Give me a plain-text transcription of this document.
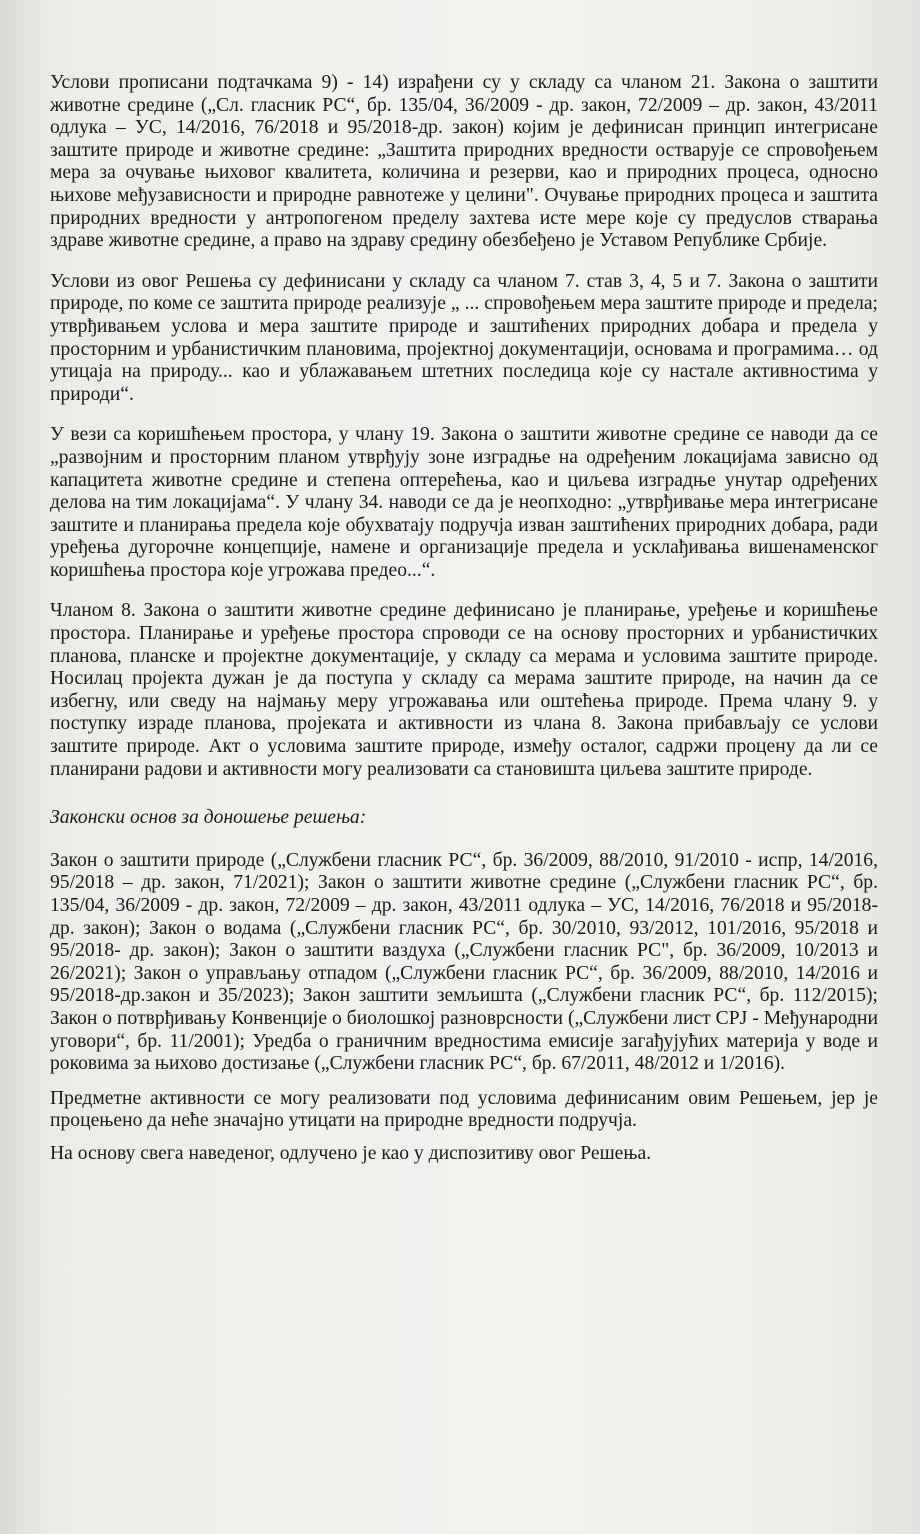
Услови прописани подтачкама 9) - 14) израђени су у складу са чланом 21. Закона о заштити животне средине („Сл. гласник РС“, бр. 135/04, 36/2009 - др. закон, 72/2009 – др. закон, 43/2011 одлука – УС, 14/2016, 76/2018 и 95/2018-др. закон) којим је дефинисан принцип интегрисане заштите природе и животне средине: „Заштита природних вредности остварује се спровођењем мера за очување њиховог квалитета, количина и резерви, као и природних процеса, односно њихове међузависности и природне равнотеже у целини". Очување природних процеса и заштита природних вредности у антропогеном пределу захтева исте мере које су предуслов стварања здраве животне средине, а право на здраву средину обезбеђено је Уставом Републике Србије.

Услови из овог Решења су дефинисани у складу са чланом 7. став 3, 4, 5 и 7. Закона о заштити природе, по коме се заштита природе реализује „ ... спровођењем мера заштите природе и предела; утврђивањем услова и мера заштите природе и заштићених природних добара и предела у просторним и урбанистичким плановима, пројектној документацији, основама и програмима… од утицаја на природу... као и ублажавањем штетних последица које су настале активностима у природи“.

У вези са коришћењем простора, у члану 19. Закона о заштити животне средине се наводи да се „развојним и просторним планом утврђују зоне изградње на одређеним локацијама зависно од капацитета животне средине и степена оптерећења, као и циљева изградње унутар одређених делова на тим локацијама“. У члану 34. наводи се да је неопходно: „утврђивање мера интегрисане заштите и планирања предела које обухватају подручја изван заштићених природних добара, ради уређења дугорочне концепције, намене и организације предела и усклађивања вишенаменског коришћења простора које угрожава предео...“.

Чланом 8. Закона о заштити животне средине дефинисано је планирање, уређење и коришћење простора. Планирање и уређење простора спроводи се на основу просторних и урбанистичких планова, планске и пројектне документације, у складу са мерама и условима заштите природе. Носилац пројекта дужан је да поступа у складу са мерама заштите природе, на начин да се избегну, или сведу на најмању меру угрожавања или оштећења природе. Према члану 9. у поступку израде планова, пројеката и активности из члана 8. Закона прибављају се услови заштите природе. Акт о условима заштите природе, између осталог, садржи процену да ли се планирани радови и активности могу реализовати са становишта циљева заштите природе.

Законски основ за доношење решења:

Закон о заштити природе („Службени гласник РС“, бр. 36/2009, 88/2010, 91/2010 - испр, 14/2016, 95/2018 – др. закон, 71/2021); Закон о заштити животне средине („Службени гласник РС“, бр. 135/04, 36/2009 - др. закон, 72/2009 – др. закон, 43/2011 одлука – УС, 14/2016, 76/2018 и 95/2018-др. закон); Закон о водама („Службени гласник РС“, бр. 30/2010, 93/2012, 101/2016, 95/2018 и 95/2018- др. закон); Закон о заштити ваздуха („Службени гласник РС", бр. 36/2009, 10/2013 и 26/2021); Закон о управљању отпадом („Службени гласник РС“, бр. 36/2009, 88/2010, 14/2016 и 95/2018-др.закон и 35/2023); Закон заштити земљишта („Службени гласник РС“, бр. 112/2015); Закон о потврђивању Конвенције о биолошкој разноврсности („Службени лист СРЈ - Међународни уговори“, бр. 11/2001); Уредба о граничним вредностима емисије загађујућих материја у воде и роковима за њихово достизање („Службени гласник РС“, бр. 67/2011, 48/2012 и 1/2016).

Предметне активности се могу реализовати под условима дефинисаним овим Решењем, јер је процењено да неће значајно утицати на природне вредности подручја.

На основу свега наведеног, одлучено је као у диспозитиву овог Решења.
